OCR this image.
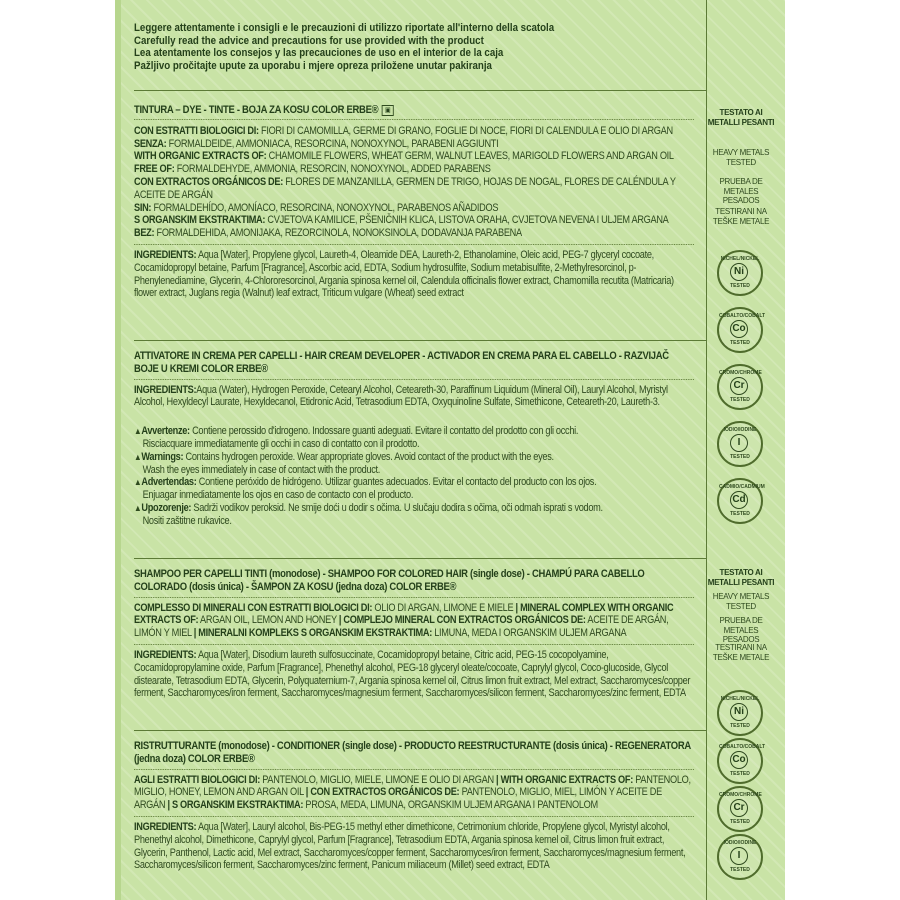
Leggere attentamente i consigli e le precauzioni di utilizzo riportate all'interno della scatola
Carefully read the advice and precautions for use provided with the product
Lea atentamente los consejos y las precauciones de uso en el interior de la caja
Pažljivo pročitajte upute za uporabu i mjere opreza priložene unutar pakiranja
TINTURA – DYE - TINTE - BOJA ZA KOSU COLOR ERBE® ▣
CON ESTRATTI BIOLOGICI DI: FIORI DI CAMOMILLA, GERME DI GRANO, FOGLIE DI NOCE, FIORI DI CALENDULA E OLIO DI ARGAN
SENZA: FORMALDEIDE, AMMONIACA, RESORCINA, NONOXYNOL, PARABENI AGGIUNTI
WITH ORGANIC EXTRACTS OF: CHAMOMILE FLOWERS, WHEAT GERM, WALNUT LEAVES, MARIGOLD FLOWERS AND ARGAN OIL
FREE OF: FORMALDEHYDE, AMMONIA, RESORCIN, NONOXYNOL, ADDED PARABENS
CON EXTRACTOS ORGÁNICOS DE: FLORES DE MANZANILLA, GERMEN DE TRIGO, HOJAS DE NOGAL, FLORES DE CALÉNDULA Y ACEITE DE ARGÁN
SIN: FORMALDEHÍDO, AMONÍACO, RESORCINA, NONOXYNOL, PARABENOS AÑADIDOS
S ORGANSKIM EKSTRAKTIMA: CVJETOVA KAMILICE, PŠENIČNIH KLICA, LISTOVA ORAHA, CVJETOVA NEVENA I ULJEM ARGANA
BEZ: FORMALDEHIDA, AMONIJAKA, REZORCINOLA, NONOKSINOLA, DODAVANJA PARABENA
INGREDIENTS: Aqua [Water], Propylene glycol, Laureth-4, Oleamide DEA, Laureth-2, Ethanolamine, Oleic acid, PEG-7 glyceryl cocoate, Cocamidopropyl betaine, Parfum [Fragrance], Ascorbic acid, EDTA, Sodium hydrosulfite, Sodium metabisulfite, 2-Methylresorcinol, p-Phenylenediamine, Glycerin, 4-Chlororesorcinol, Argania spinosa kernel oil, Calendula officinalis flower extract, Chamomilla recutita (Matricaria) flower extract, Juglans regia (Walnut) leaf extract, Triticum vulgare (Wheat) seed extract
ATTIVATORE IN CREMA PER CAPELLI - HAIR CREAM DEVELOPER - ACTIVADOR EN CREMA PARA EL CABELLO - RAZVIJAČ BOJE U KREMI COLOR ERBE®
INGREDIENTS:Aqua (Water), Hydrogen Peroxide, Cetearyl Alcohol, Ceteareth-30, Paraffinum Liquidum (Mineral Oil), Lauryl Alcohol, Myristyl Alcohol, Hexyldecyl Laurate, Hexyldecanol, Etidronic Acid, Tetrasodium EDTA, Oxyquinoline Sulfate, Simethicone, Ceteareth-20, Laureth-3.
▲Avvertenze: Contiene perossido d'idrogeno. Indossare guanti adeguati. Evitare il contatto del prodotto con gli occhi.
Risciacquare immediatamente gli occhi in caso di contatto con il prodotto.
▲Warnings: Contains hydrogen peroxide. Wear appropriate gloves. Avoid contact of the product with the eyes.
Wash the eyes immediately in case of contact with the product.
▲Advertendas: Contiene peróxido de hidrógeno. Utilizar guantes adecuados. Evitar el contacto del producto con los ojos.
Enjuagar inmediatamente los ojos en caso de contacto con el producto.
▲Upozorenje: Sadrži vodikov peroksid. Ne smije doći u dodir s očima. U slučaju dodira s očima, oči odmah isprati s vodom.
Nositi zaštitne rukavice.
SHAMPOO PER CAPELLI TINTI (monodose) - SHAMPOO FOR COLORED HAIR (single dose) - CHAMPÚ PARA CABELLO COLORADO (dosis única) - ŠAMPON ZA KOSU (jedna doza) COLOR ERBE®
COMPLESSO DI MINERALI CON ESTRATTI BIOLOGICI DI: OLIO DI ARGAN, LIMONE E MIELE | MINERAL COMPLEX WITH ORGANIC EXTRACTS OF: ARGAN OIL, LEMON AND HONEY | COMPLEJO MINERAL CON EXTRACTOS ORGÁNICOS DE: ACEITE DE ARGÁN, LIMÓN Y MIEL | MINERALNI KOMPLEKS S ORGANSKIM EKSTRAKTIMA: LIMUNA, MEDA I ORGANSKIM ULJEM ARGANA
INGREDIENTS: Aqua [Water], Disodium laureth sulfosuccinate, Cocamidopropyl betaine, Citric acid, PEG-15 cocopolyamine, Cocamidopropylamine oxide, Parfum [Fragrance], Phenethyl alcohol, PEG-18 glyceryl oleate/cocoate, Caprylyl glycol, Coco-glucoside, Glycol distearate, Tetrasodium EDTA, Glycerin, Polyquaternium-7, Argania spinosa kernel oil, Citrus limon fruit extract, Mel extract, Saccharomyces/copper ferment, Saccharomyces/iron ferment, Saccharomyces/magnesium ferment, Saccharomyces/silicon ferment, Saccharomyces/zinc ferment, EDTA
RISTRUTTURANTE (monodose) - CONDITIONER (single dose) - PRODUCTO REESTRUCTURANTE (dosis única) - REGENERATORA (jedna doza) COLOR ERBE®
AGLI ESTRATTI BIOLOGICI DI: PANTENOLO, MIGLIO, MIELE, LIMONE E OLIO DI ARGAN | WITH ORGANIC EXTRACTS OF: PANTENOLO, MIGLIO, HONEY, LEMON AND ARGAN OIL | CON EXTRACTOS ORGÁNICOS DE: PANTENOLO, MIGLIO, MIEL, LIMÓN Y ACEITE DE ARGÁN | S ORGANSKIM EKSTRAKTIMA: PROSA, MEDA, LIMUNA, ORGANSKIM ULJEM ARGANA I PANTENOLOM
INGREDIENTS: Aqua [Water], Lauryl alcohol, Bis-PEG-15 methyl ether dimethicone, Cetrimonium chloride, Propylene glycol, Myristyl alcohol, Phenethyl alcohol, Dimethicone, Caprylyl glycol, Parfum [Fragrance], Tetrasodium EDTA, Argania spinosa kernel oil, Citrus limon fruit extract, Glycerin, Panthenol, Lactic acid, Mel extract, Saccharomyces/copper ferment, Saccharomyces/iron ferment, Saccharomyces/magnesium ferment, Saccharomyces/silicon ferment, Saccharomyces/zinc ferment, Panicum miliaceum (Millet) seed extract, EDTA
TESTATO AI METALLI PESANTI
HEAVY METALS TESTED
PRUEBA DE METALES PESADOS
TESTIRANI NA TEŠKE METALE
NICHEL/NICKEL
Ni
TESTED
COBALTO/COBALT
Co
TESTED
CROMO/CHROME
Cr
TESTED
IODIO/IODINE
I
TESTED
CADMIO/CADMIUM
Cd
TESTED
TESTATO AI METALLI PESANTI
HEAVY METALS TESTED
PRUEBA DE METALES PESADOS
TESTIRANI NA TEŠKE METALE
NICHEL/NICKEL
Ni
TESTED
COBALTO/COBALT
Co
TESTED
CROMO/CHROME
Cr
TESTED
IODIO/IODINE
I
TESTED
